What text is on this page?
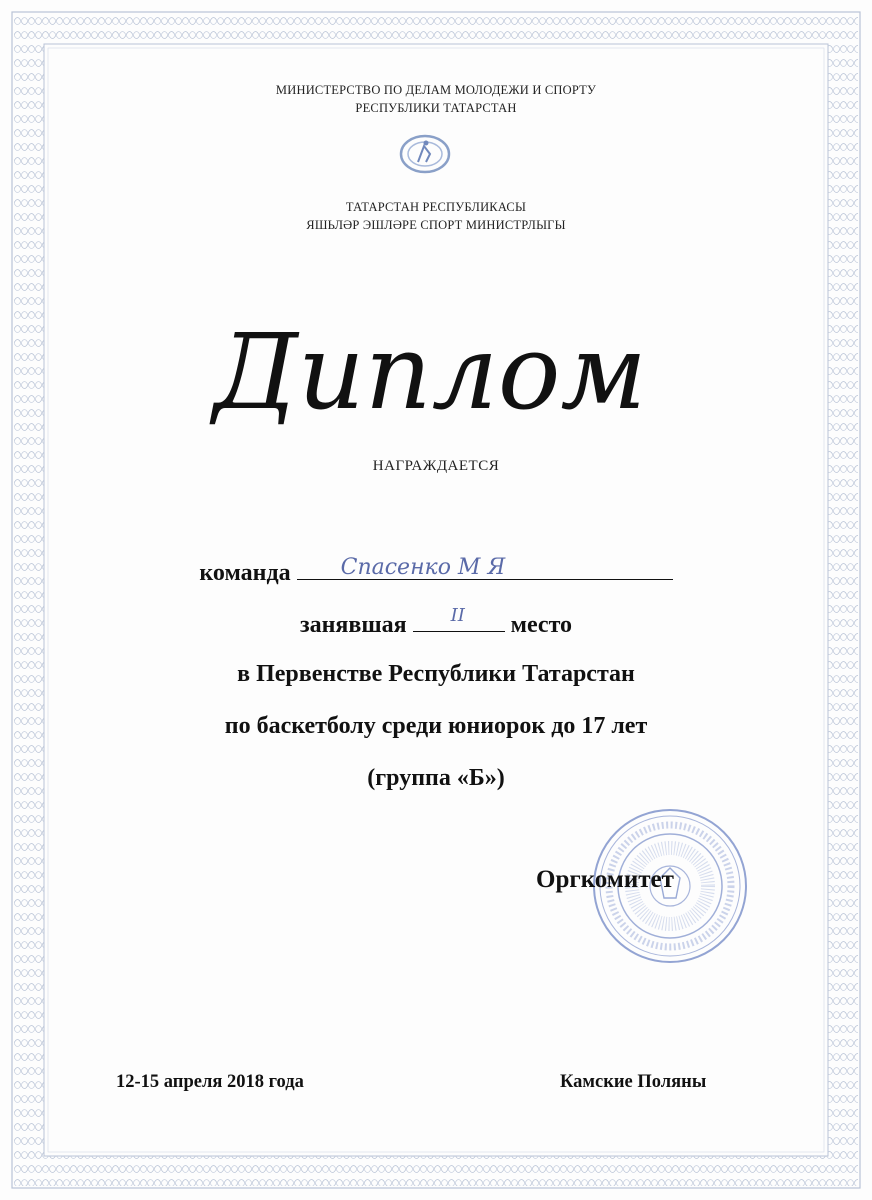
МИНИСТЕРСТВО ПО ДЕЛАМ МОЛОДЕЖИ И СПОРТУ
РЕСПУБЛИКИ ТАТАРСТАН
ТАТАРСТАН РЕСПУБЛИКАСЫ
ЯШЬЛӘР ЭШЛӘРЕ СПОРТ МИНИСТРЛЫГЫ
Диплом
НАГРАЖДАЕТСЯ
команда Спасенко М Я
занявшая II место
в Первенстве Республики Татарстан
по баскетболу среди юниорок до 17 лет
(группа «Б»)
Оргкомитет
12-15 апреля 2018 года	Камские Поляны
